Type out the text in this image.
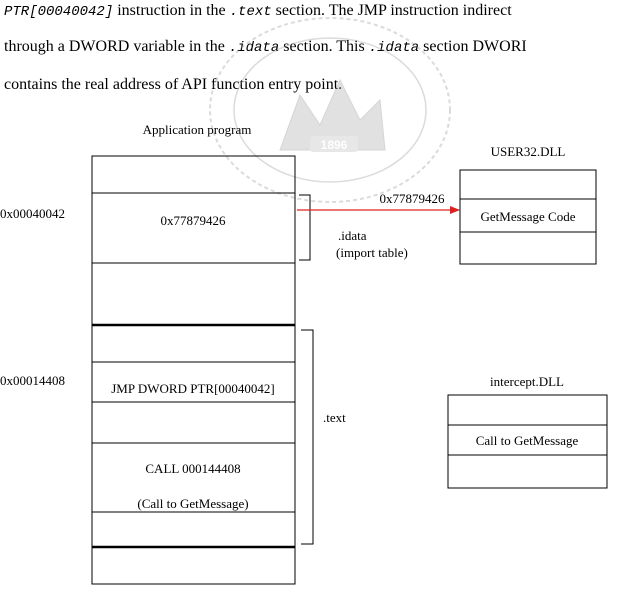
PTR[00040042] instruction in the .text section. The JMP instruction indirect
through a DWORD variable in the .idata section. This .idata section DWORI
contains the real address of API function entry point.
1896
Application program
0x77879426
JMP DWORD PTR[00040042]
CALL 000144408
(Call to GetMessage)
0x00040042
0x00014408
.idata
(import table)
.text
0x77879426
USER32.DLL
GetMessage Code
intercept.DLL
Call to GetMessage
